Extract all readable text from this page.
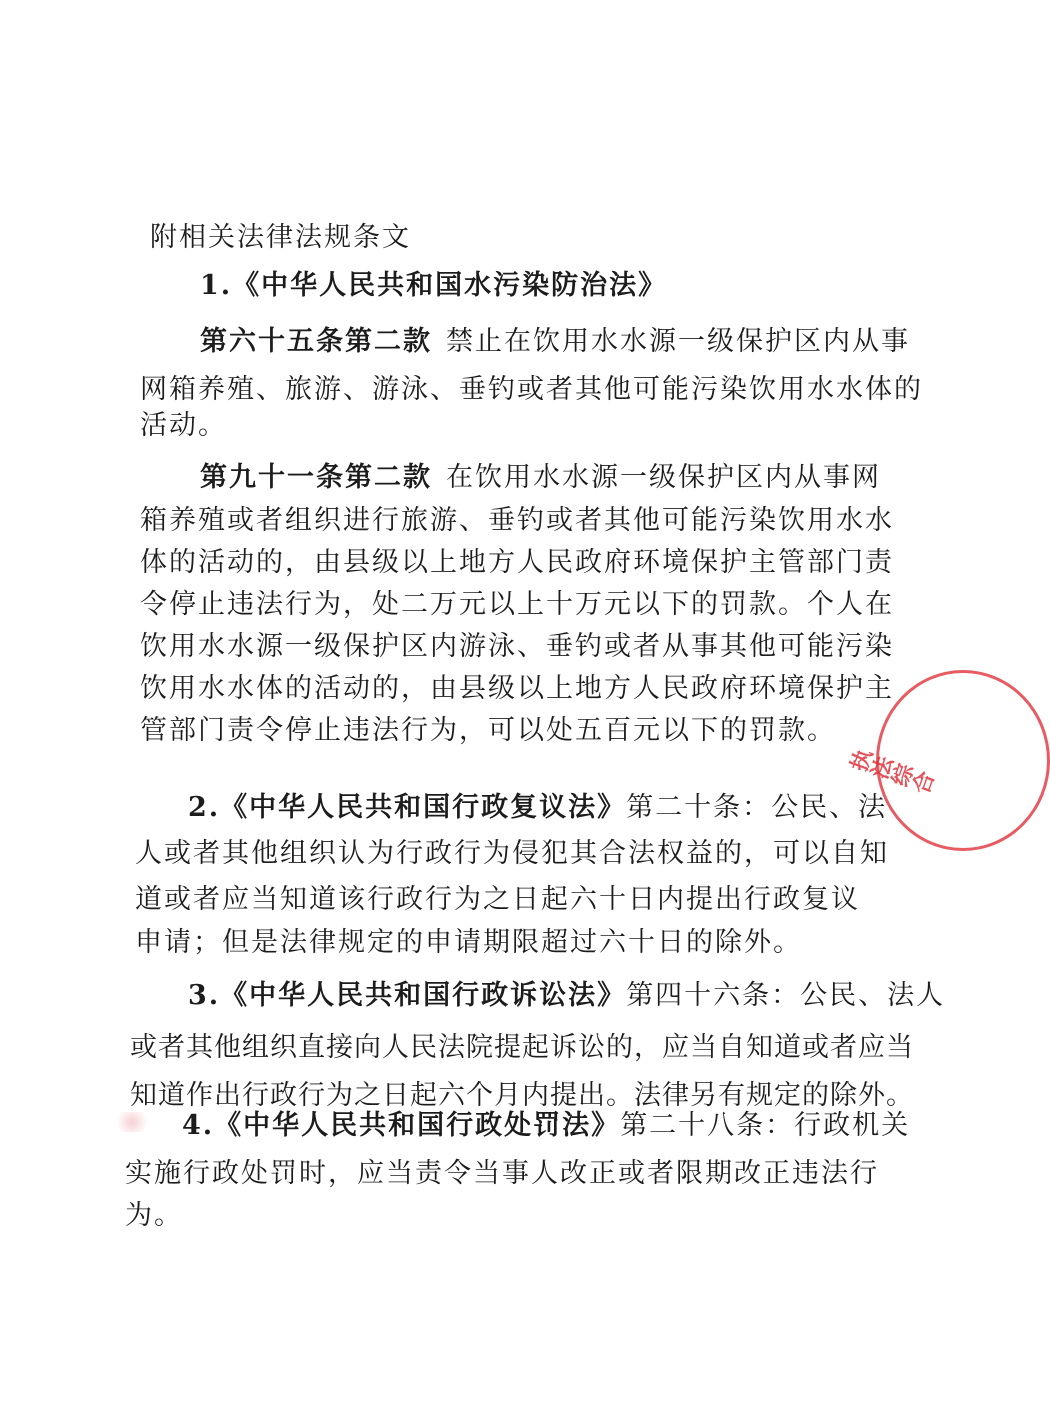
附相关法律法规条文
1.《中华人民共和国水污染防治法》
第六十五条第二款 禁止在饮用水水源一级保护区内从事
网箱养殖、旅游、游泳、垂钓或者其他可能污染饮用水水体的
活动。
第九十一条第二款 在饮用水水源一级保护区内从事网
箱养殖或者组织进行旅游、垂钓或者其他可能污染饮用水水
体的活动的，由县级以上地方人民政府环境保护主管部门责
令停止违法行为，处二万元以上十万元以下的罚款。个人在
饮用水水源一级保护区内游泳、垂钓或者从事其他可能污染
饮用水水体的活动的，由县级以上地方人民政府环境保护主
管部门责令停止违法行为，可以处五百元以下的罚款。
2.《中华人民共和国行政复议法》第二十条：公民、法
人或者其他组织认为行政行为侵犯其合法权益的，可以自知
道或者应当知道该行政行为之日起六十日内提出行政复议
申请；但是法律规定的申请期限超过六十日的除外。
3.《中华人民共和国行政诉讼法》第四十六条：公民、法人
或者其他组织直接向人民法院提起诉讼的，应当自知道或者应当
知道作出行政行为之日起六个月内提出。法律另有规定的除外。
4.《中华人民共和国行政处罚法》第二十八条：行政机关
实施行政处罚时，应当责令当事人改正或者限期改正违法行
为。
执法综合
